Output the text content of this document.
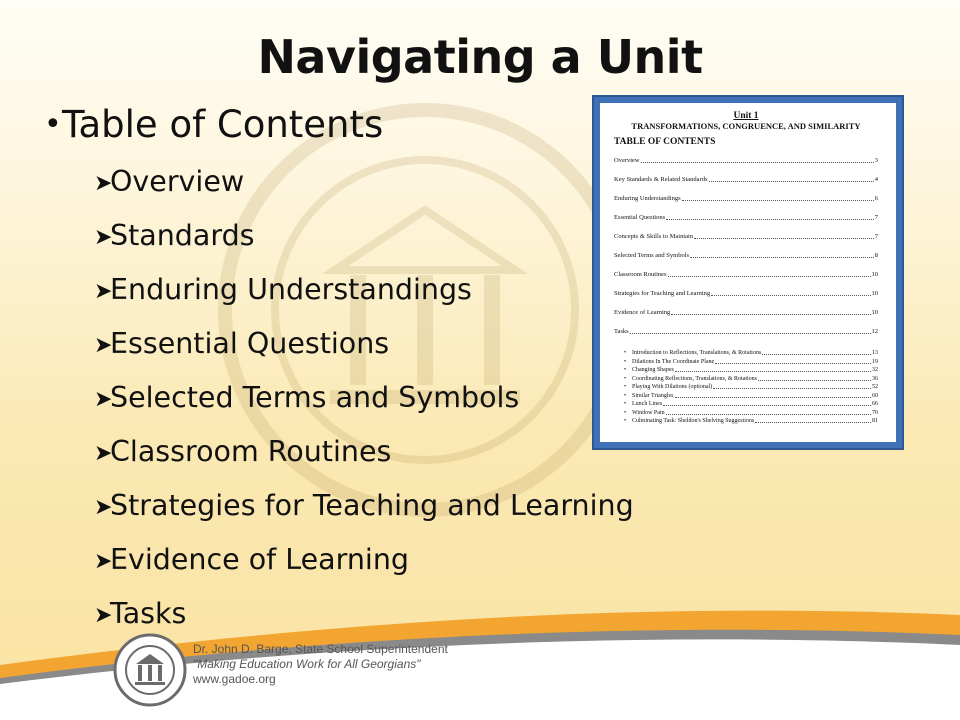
Navigating a Unit
•Table of Contents
➤
Overview
➤
Standards
➤
Enduring Understandings
➤
Essential Questions
➤
Selected Terms and Symbols
➤
Classroom Routines
➤
Strategies for Teaching and Learning
➤
Evidence of Learning
➤
Tasks
Unit 1
TRANSFORMATIONS, CONGRUENCE, AND SIMILARITY
TABLE OF CONTENTS
Overview	3
Key Standards & Related Standards	4
Enduring Understandings	6
Essential Questions	7
Concepts & Skills to Maintain	7
Selected Terms and Symbols	8
Classroom Routines	10
Strategies for Teaching and Learning	10
Evidence of Learning	10
Tasks	12
• Introduction to Reflections, Translations, & Rotations	13
• Dilations In The Coordinate Plane	19
• Changing Shapes	32
• Coordinating Reflections, Translations, & Rotations	36
• Playing With Dilations (optional)	52
• Similar Triangles	60
• Lunch Lines	66
• Window Pain	70
• Culminating Task: Sheldon's Shelving Suggestions	81
Dr. John D. Barge, State School Superintendent
"Making Education Work for All Georgians"
www.gadoe.org
